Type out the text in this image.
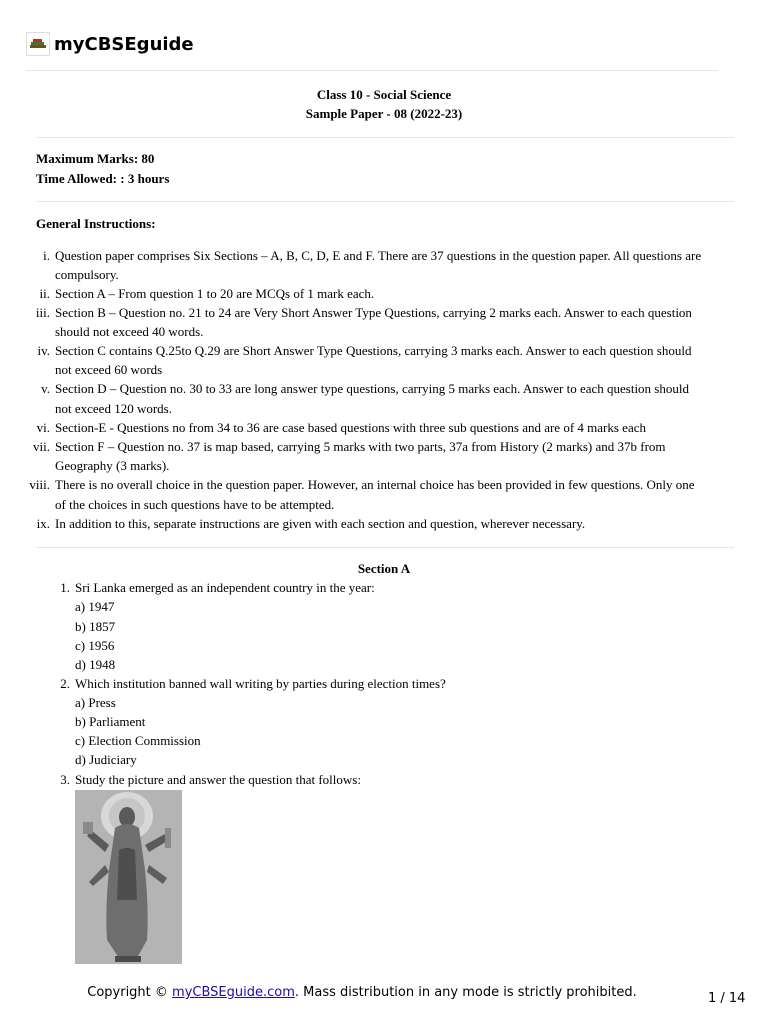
myCBSEguide
Class 10 - Social Science
Sample Paper - 08 (2022-23)
Maximum Marks: 80
Time Allowed: : 3 hours
General Instructions:
i. Question paper comprises Six Sections – A, B, C, D, E and F. There are 37 questions in the question paper. All questions are
compulsory.
ii. Section A – From question 1 to 20 are MCQs of 1 mark each.
iii. Section B – Question no. 21 to 24 are Very Short Answer Type Questions, carrying 2 marks each. Answer to each question
should not exceed 40 words.
iv. Section C contains Q.25to Q.29 are Short Answer Type Questions, carrying 3 marks each. Answer to each question should
not exceed 60 words
v. Section D – Question no. 30 to 33 are long answer type questions, carrying 5 marks each. Answer to each question should
not exceed 120 words.
vi. Section-E - Questions no from 34 to 36 are case based questions with three sub questions and are of 4 marks each
vii. Section F – Question no. 37 is map based, carrying 5 marks with two parts, 37a from History (2 marks) and 37b from
Geography (3 marks).
viii. There is no overall choice in the question paper. However, an internal choice has been provided in few questions. Only one
of the choices in such questions have to be attempted.
ix. In addition to this, separate instructions are given with each section and question, wherever necessary.
Section A
1. Sri Lanka emerged as an independent country in the year:
a) 1947
b) 1857
c) 1956
d) 1948
2. Which institution banned wall writing by parties during election times?
a) Press
b) Parliament
c) Election Commission
d) Judiciary
3. Study the picture and answer the question that follows:
Copyright © myCBSEguide.com. Mass distribution in any mode is strictly prohibited.	1 / 14
